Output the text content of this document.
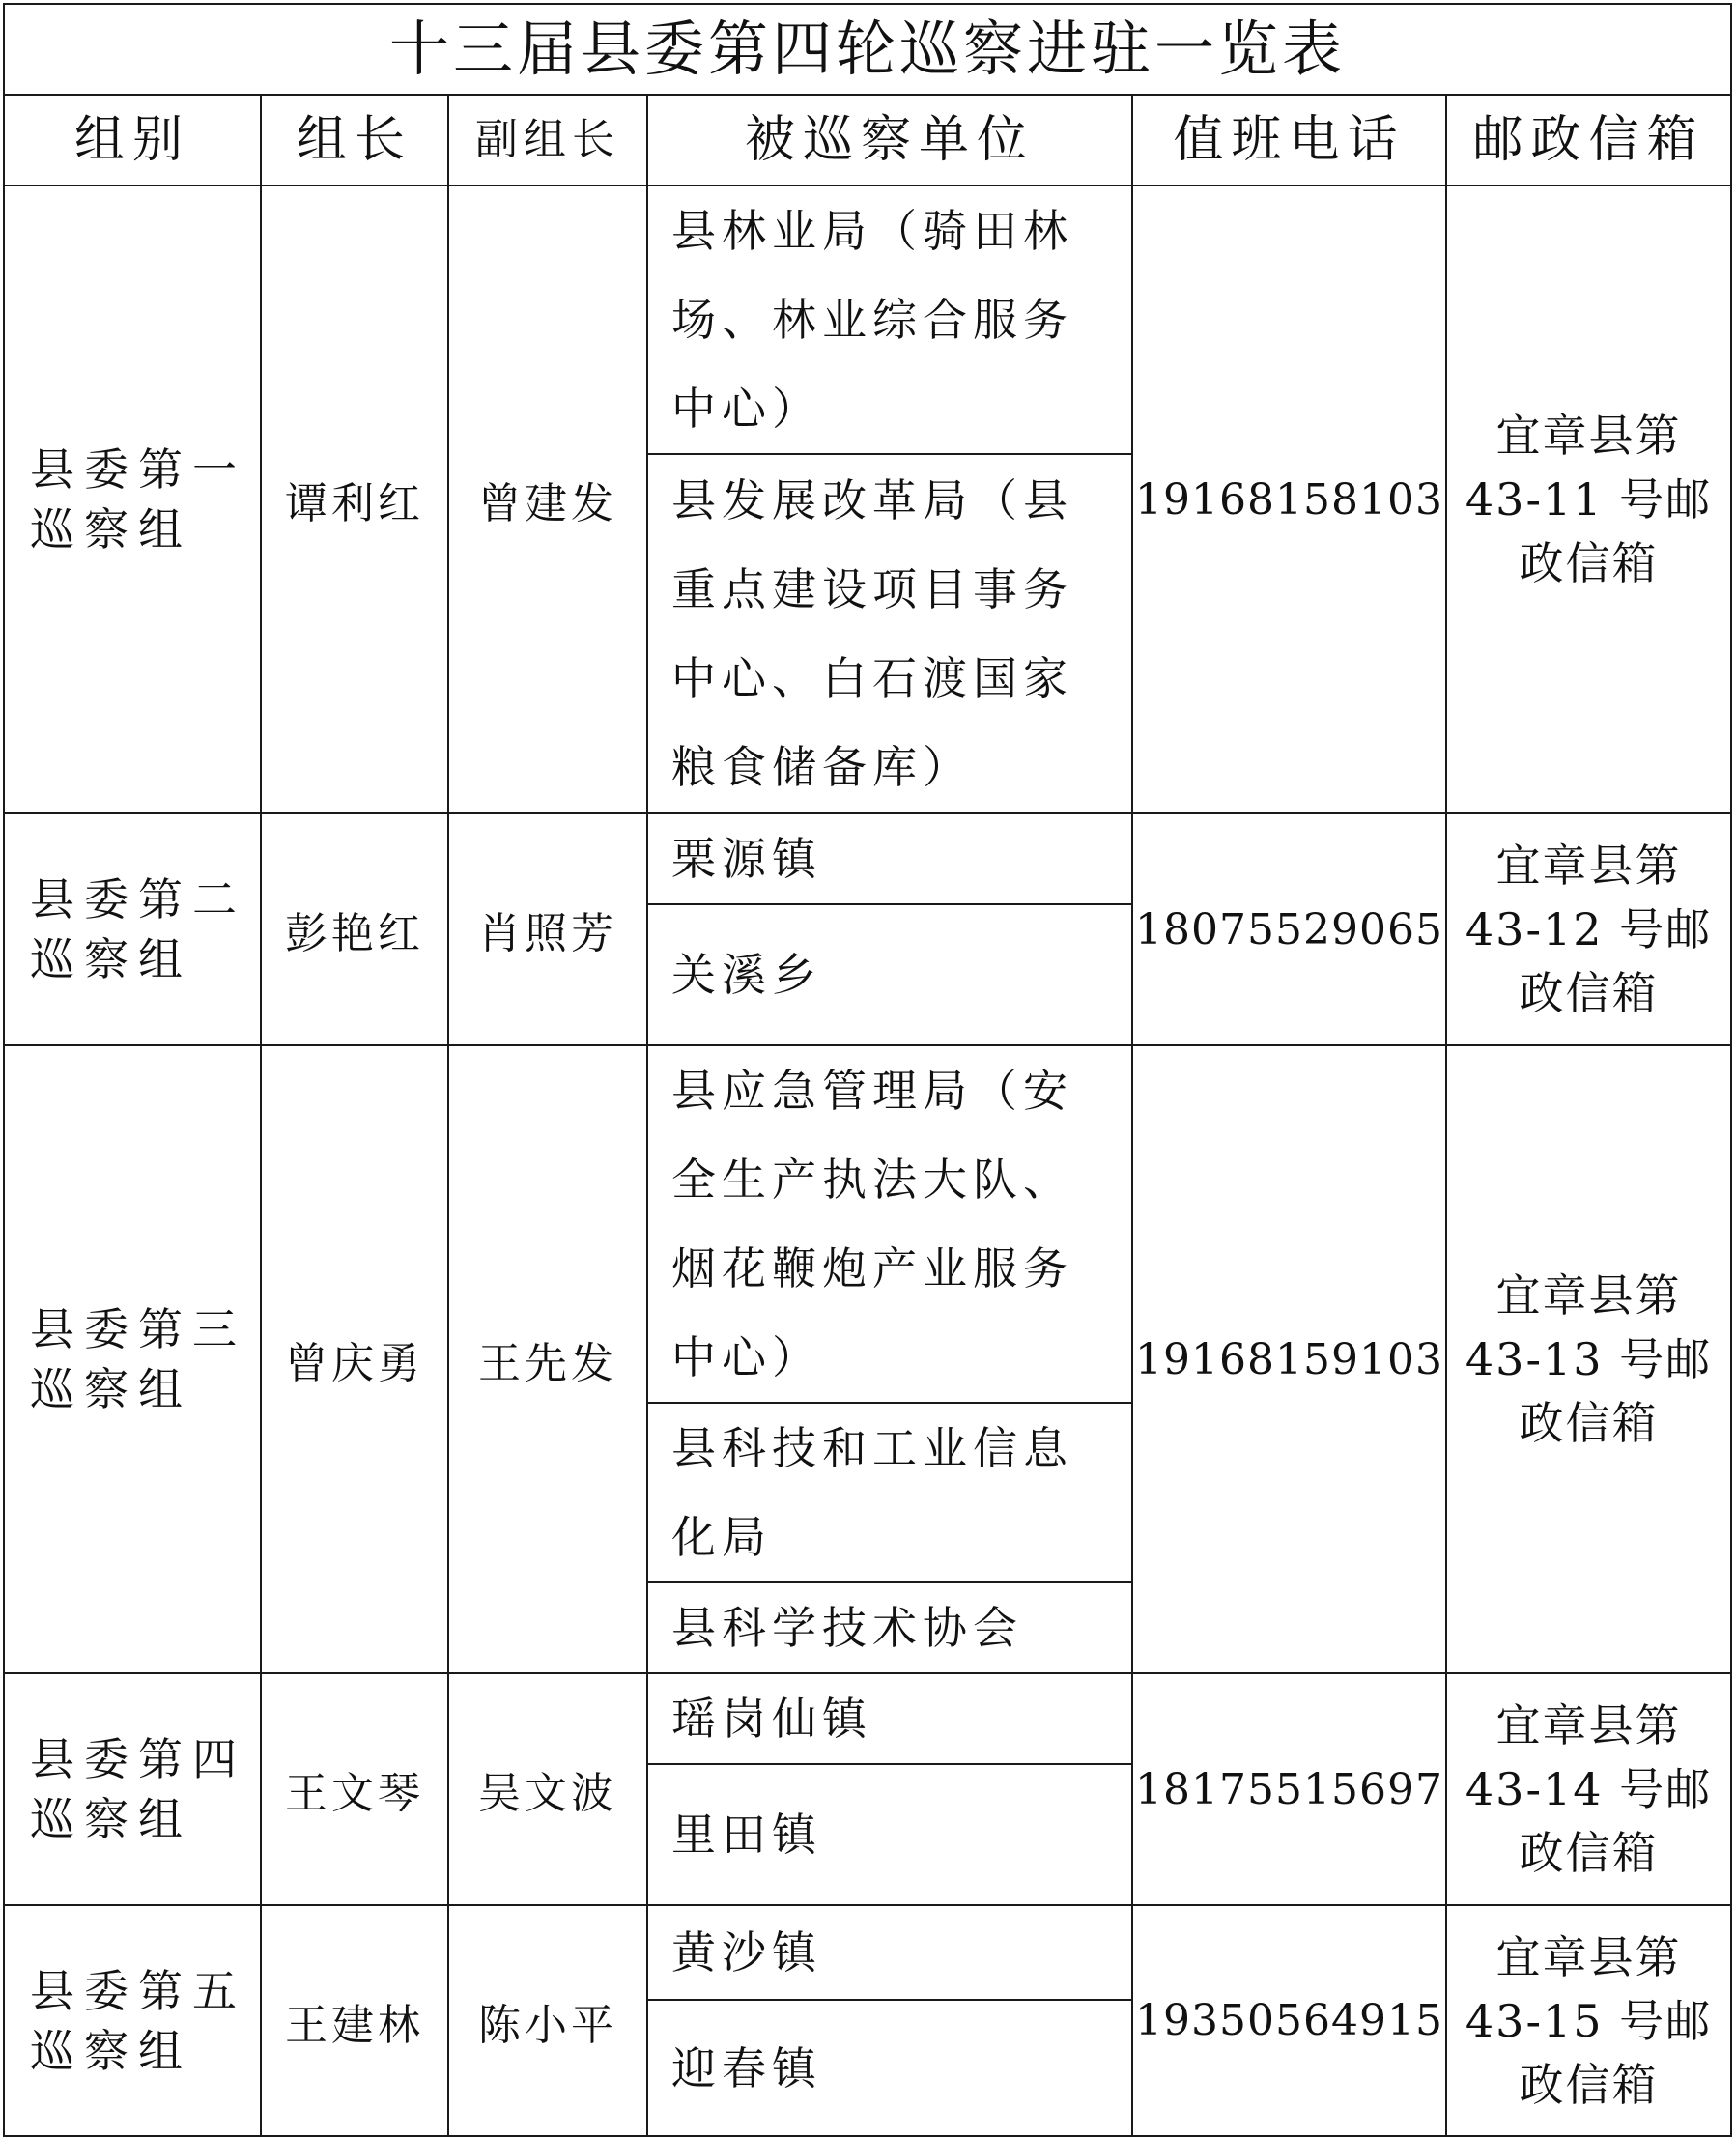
十三届县委第四轮巡察进驻一览表					
组别	组长	副组长	被巡察单位	值班电话	邮政信箱
县委第一巡察组	谭利红	曾建发	县林业局（骑田林场、林业综合服务中心）	19168158103	宜章县第
43-11 号邮
政信箱

			县发展改革局（县重点建设项目事务中心、白石渡国家粮食储备库）		
县委第二巡察组	彭艳红	肖照芳	栗源镇	18075529065	宜章县第
43-12 号邮
政信箱

			关溪乡		
县委第三巡察组	曾庆勇	王先发	县应急管理局（安全生产执法大队、烟花鞭炮产业服务中心）	19168159103	宜章县第
43-13 号邮
政信箱

			县科技和工业信息化局		
			县科学技术协会		
县委第四巡察组	王文琴	吴文波	瑶岗仙镇	18175515697	宜章县第
43-14 号邮
政信箱

			里田镇		
县委第五巡察组	王建林	陈小平	黄沙镇	19350564915	宜章县第
43-15 号邮
政信箱

			迎春镇		
